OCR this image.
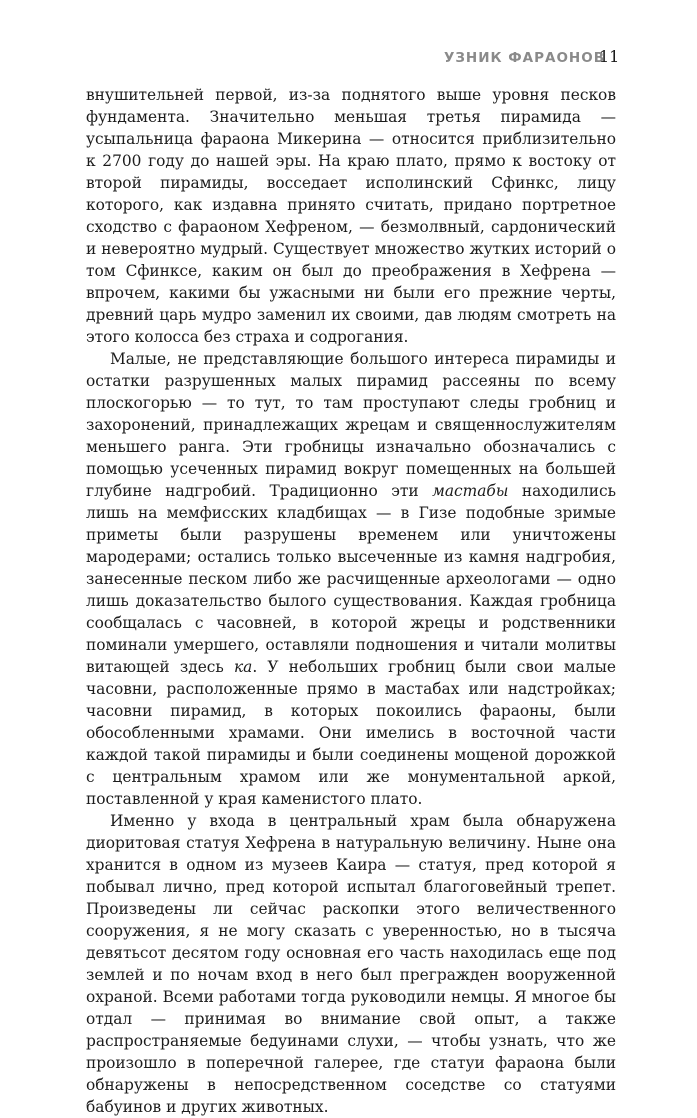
УЗНИК ФАРАОНОВ
11

внушительней первой, из-за поднятого выше уровня песков фундамента. Значительно меньшая третья пирамида — усыпальница фараона Микерина — относится приблизительно к 2700 году до нашей эры. На краю плато, прямо к востоку от второй пирамиды, восседает исполинский Сфинкс, лицу которого, как издавна принято считать, придано портретное сходство с фараоном Хефреном, — безмолвный, сардонический и невероятно мудрый. Существует множество жутких историй о том Сфинксе, каким он был до преображения в Хефрена — впрочем, какими бы ужасными ни были его прежние черты, древний царь мудро заменил их своими, дав людям смотреть на этого колосса без страха и содрогания.

Малые, не представляющие большого интереса пирамиды и остатки разрушенных малых пирамид рассеяны по всему плоскогорью — то тут, то там проступают следы гробниц и захоронений, принадлежащих жрецам и священнослужителям меньшего ранга. Эти гробницы изначально обозначались с помощью усеченных пирамид вокруг помещенных на большей глубине надгробий. Традиционно эти мастабы находились лишь на мемфисских кладбищах — в Гизе подобные зримые приметы были разрушены временем или уничтожены мародерами; остались только высеченные из камня надгробия, занесенные песком либо же расчищенные археологами — одно лишь доказательство былого существования. Каждая гробница сообщалась с часовней, в которой жрецы и родственники поминали умершего, оставляли подношения и читали молитвы витающей здесь ка. У небольших гробниц были свои малые часовни, расположенные прямо в мастабах или надстройках; часовни пирамид, в которых покоились фараоны, были обособленными храмами. Они имелись в восточной части каждой такой пирамиды и были соединены мощеной дорожкой с центральным храмом или же монументальной аркой, поставленной у края каменистого плато.

Именно у входа в центральный храм была обнаружена диоритовая статуя Хефрена в натуральную величину. Ныне она хранится в одном из музеев Каира — статуя, пред которой я побывал лично, пред которой испытал благоговейный трепет. Произведены ли сейчас раскопки этого величественного сооружения, я не могу сказать с уверенностью, но в тысяча девятьсот десятом году основная его часть находилась еще под землей и по ночам вход в него был прегражден вооруженной охраной. Всеми работами тогда руководили немцы. Я многое бы отдал — принимая во внимание свой опыт, а также распространяемые бедуинами слухи, — чтобы узнать, что же произошло в поперечной галерее, где статуи фараона были обнаружены в непосредственном соседстве со статуями бабуинов и других животных.
